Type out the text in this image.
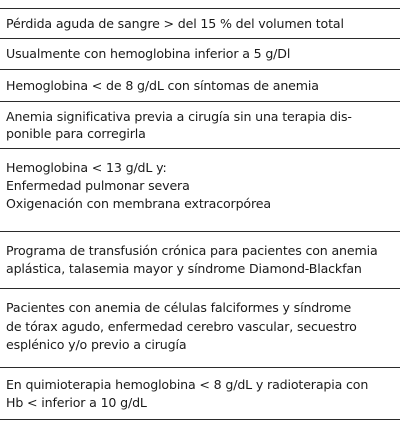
Pérdida aguda de sangre > del 15 % del volumen total
Usualmente con hemoglobina inferior a 5 g/Dl
Hemoglobina < de 8 g/dL con síntomas de anemia
Anemia significativa previa a cirugía sin una terapia dis-
ponible para corregirla
Hemoglobina < 13 g/dL y:
Enfermedad pulmonar severa
Oxigenación con membrana extracorpórea
Programa de transfusión crónica para pacientes con anemia
aplástica, talasemia mayor y síndrome Diamond-Blackfan
Pacientes con anemia de células falciformes y síndrome
de tórax agudo, enfermedad cerebro vascular, secuestro
esplénico y/o previo a cirugía
En quimioterapia hemoglobina < 8 g/dL y radioterapia con
Hb < inferior a 10 g/dL
